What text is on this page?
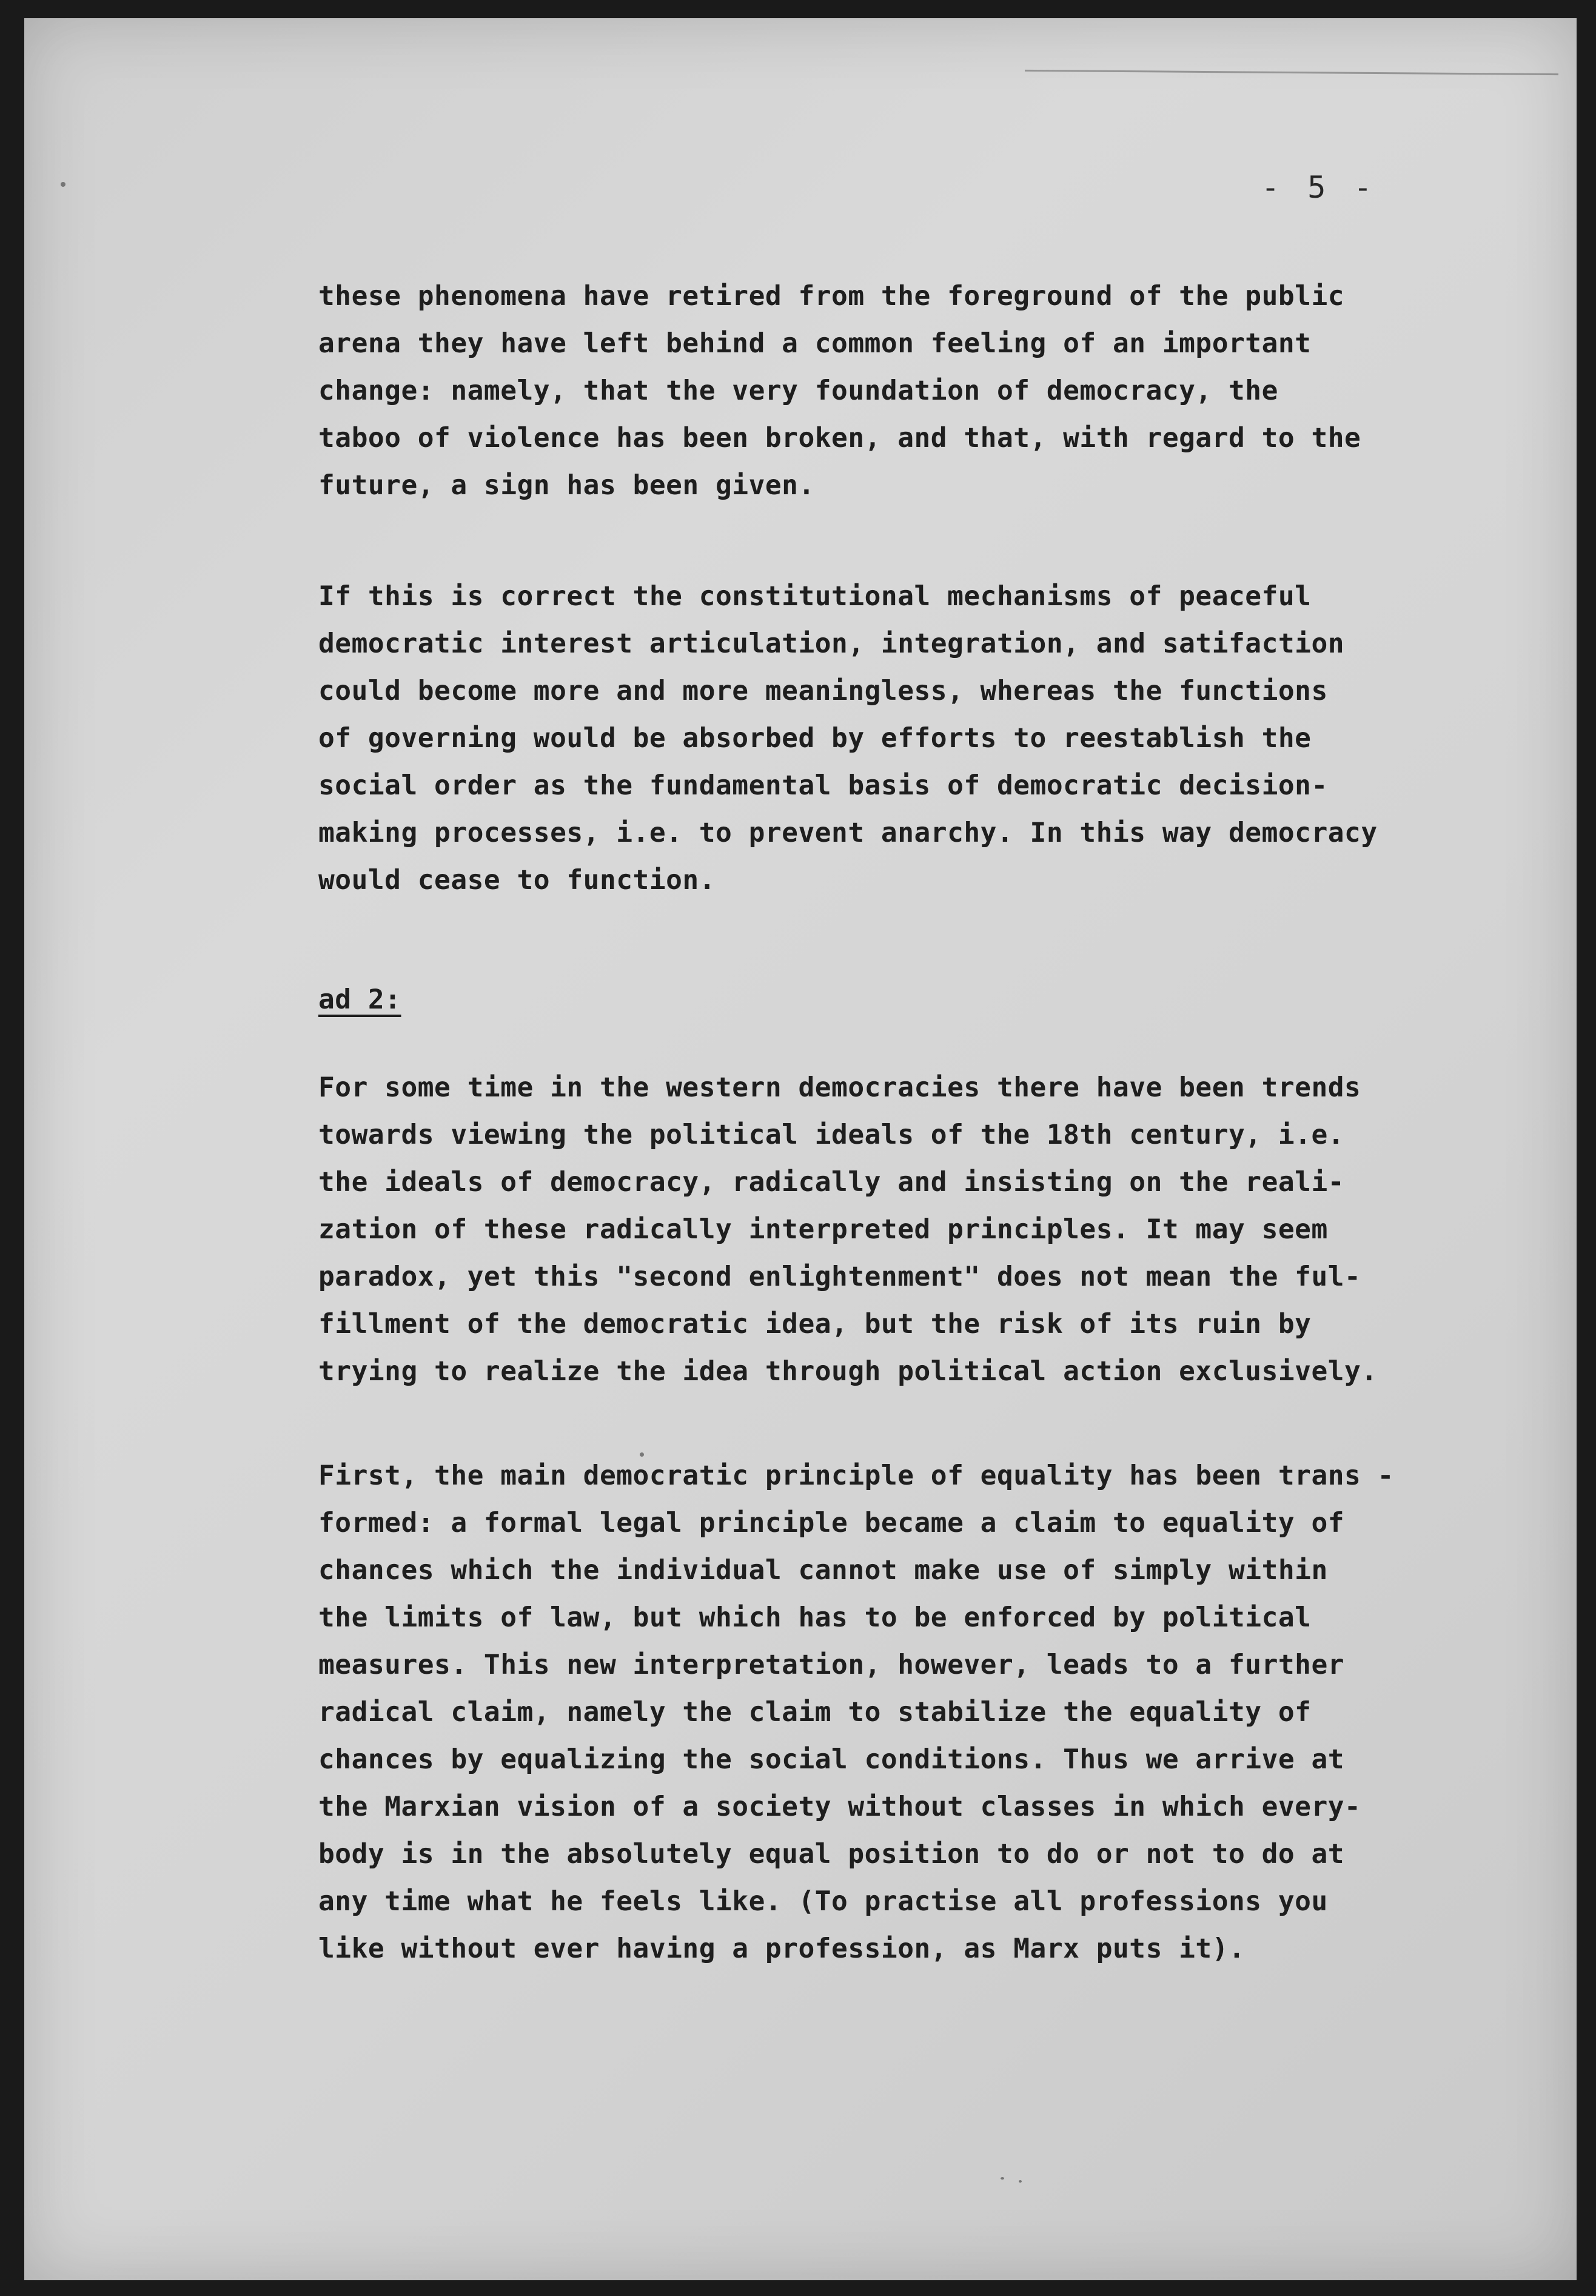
- 5 -
these phenomena have retired from the foreground of the public
arena they have left behind a common feeling of an important
change: namely, that the very foundation of democracy, the
taboo of violence has been broken, and that, with regard to the
future, a sign has been given.
If this is correct the constitutional mechanisms of peaceful
democratic interest articulation, integration, and satifaction
could become more and more meaningless, whereas the functions
of governing would be absorbed by efforts to reestablish the
social order as the fundamental basis of democratic decision-
making processes, i.e. to prevent anarchy. In this way democracy
would cease to function.
ad 2:
For some time in the western democracies there have been trends
towards viewing the political ideals of the 18th century, i.e.
the ideals of democracy, radically and insisting on the reali-
zation of these radically interpreted principles. It may seem
paradox, yet this "second enlightenment" does not mean the ful-
fillment of the democratic idea, but the risk of its ruin by
trying to realize the idea through political action exclusively.
First, the main democratic principle of equality has been trans -
formed: a formal legal principle became a claim to equality of
chances which the individual cannot make use of simply within
the limits of law, but which has to be enforced by political
measures. This new interpretation, however, leads to a further
radical claim, namely the claim to stabilize the equality of
chances by equalizing the social conditions. Thus we arrive at
the Marxian vision of a society without classes in which every-
body is in the absolutely equal position to do or not to do at
any time what he feels like. (To practise all professions you
like without ever having a profession, as Marx puts it).
